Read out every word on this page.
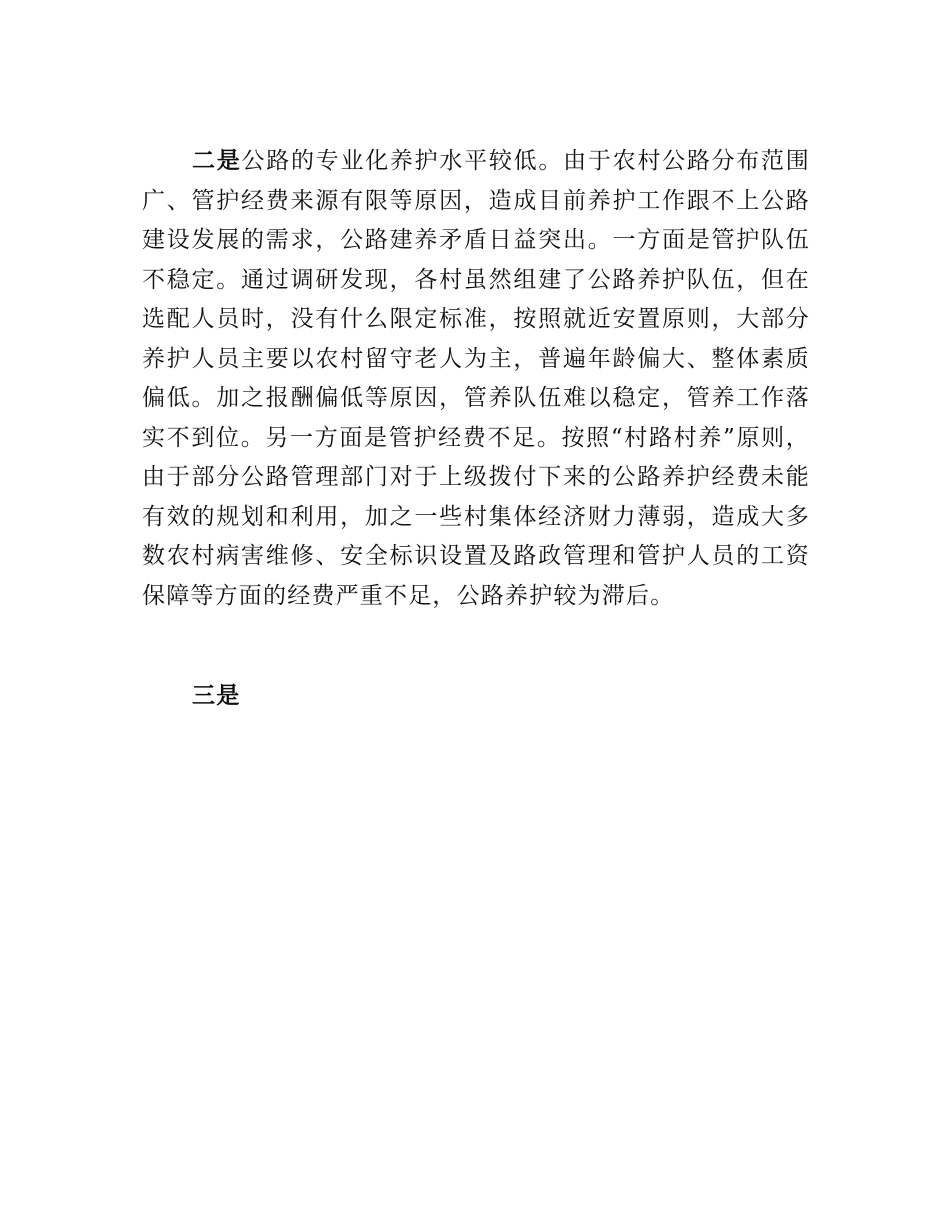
二是公路的专业化养护水平较低。由于农村公路分布范围广、管护经费来源有限等原因，造成目前养护工作跟不上公路建设发展的需求，公路建养矛盾日益突出。一方面是管护队伍不稳定。通过调研发现，各村虽然组建了公路养护队伍，但在选配人员时，没有什么限定标准，按照就近安置原则，大部分养护人员主要以农村留守老人为主，普遍年龄偏大、整体素质偏低。加之报酬偏低等原因，管养队伍难以稳定，管养工作落实不到位。另一方面是管护经费不足。按照“村路村养”原则，由于部分公路管理部门对于上级拨付下来的公路养护经费未能有效的规划和利用，加之一些村集体经济财力薄弱，造成大多数农村病害维修、安全标识设置及路政管理和管护人员的工资保障等方面的经费严重不足，公路养护较为滞后。

三是
